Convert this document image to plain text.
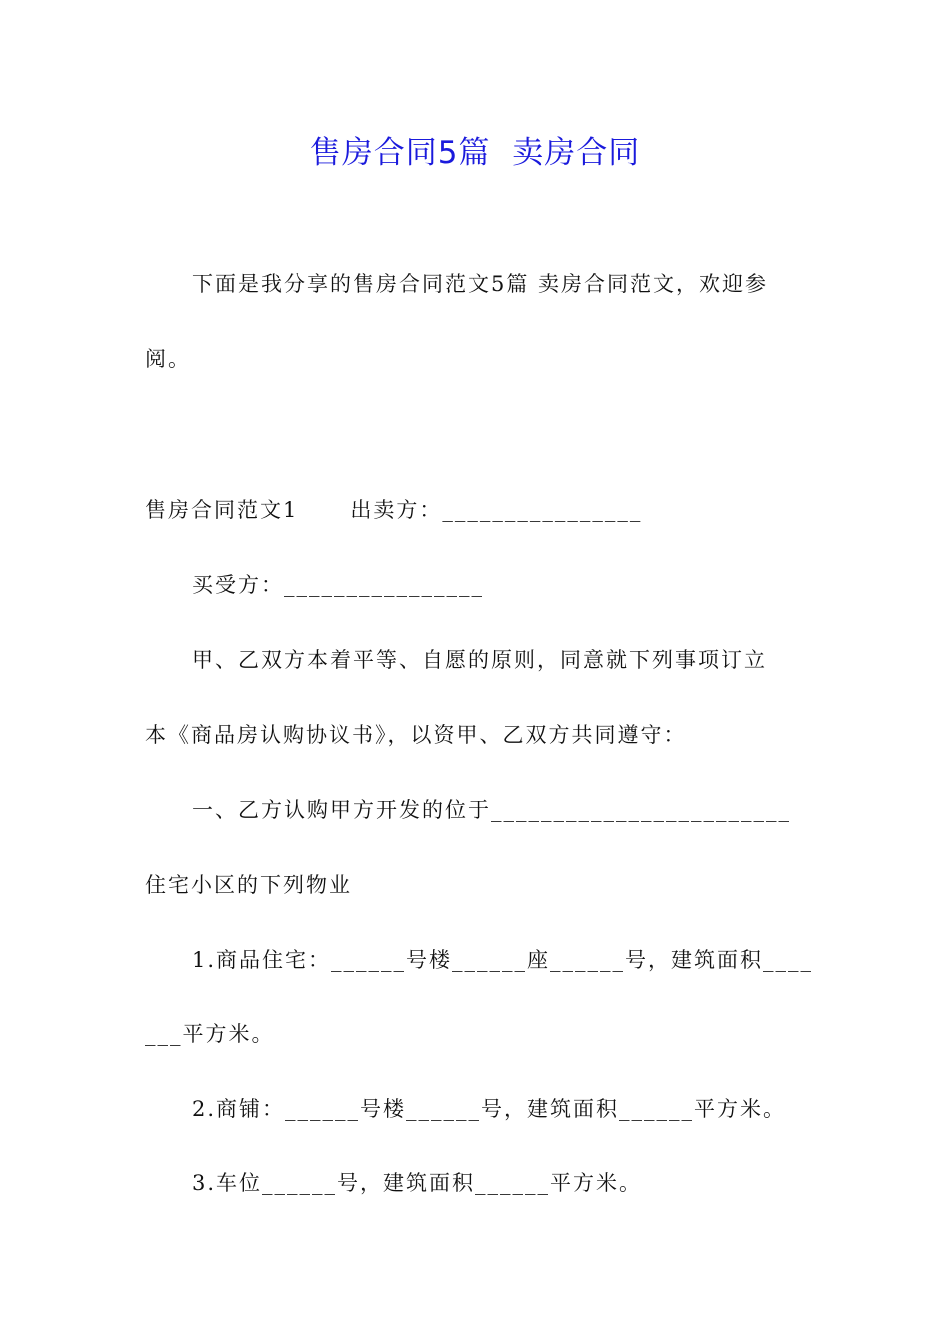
售房合同5篇  卖房合同
下面是我分享的售房合同范文5篇 卖房合同范文，欢迎参
阅。
售房合同范文1      出卖方：________________
买受方：________________
甲、乙双方本着平等、自愿的原则，同意就下列事项订立
本《商品房认购协议书》，以资甲、乙双方共同遵守：
一、乙方认购甲方开发的位于________________________
住宅小区的下列物业
1.商品住宅：______号楼______座______号，建筑面积____
___平方米。
2.商铺：______号楼______号，建筑面积______平方米。
3.车位______号，建筑面积______平方米。
